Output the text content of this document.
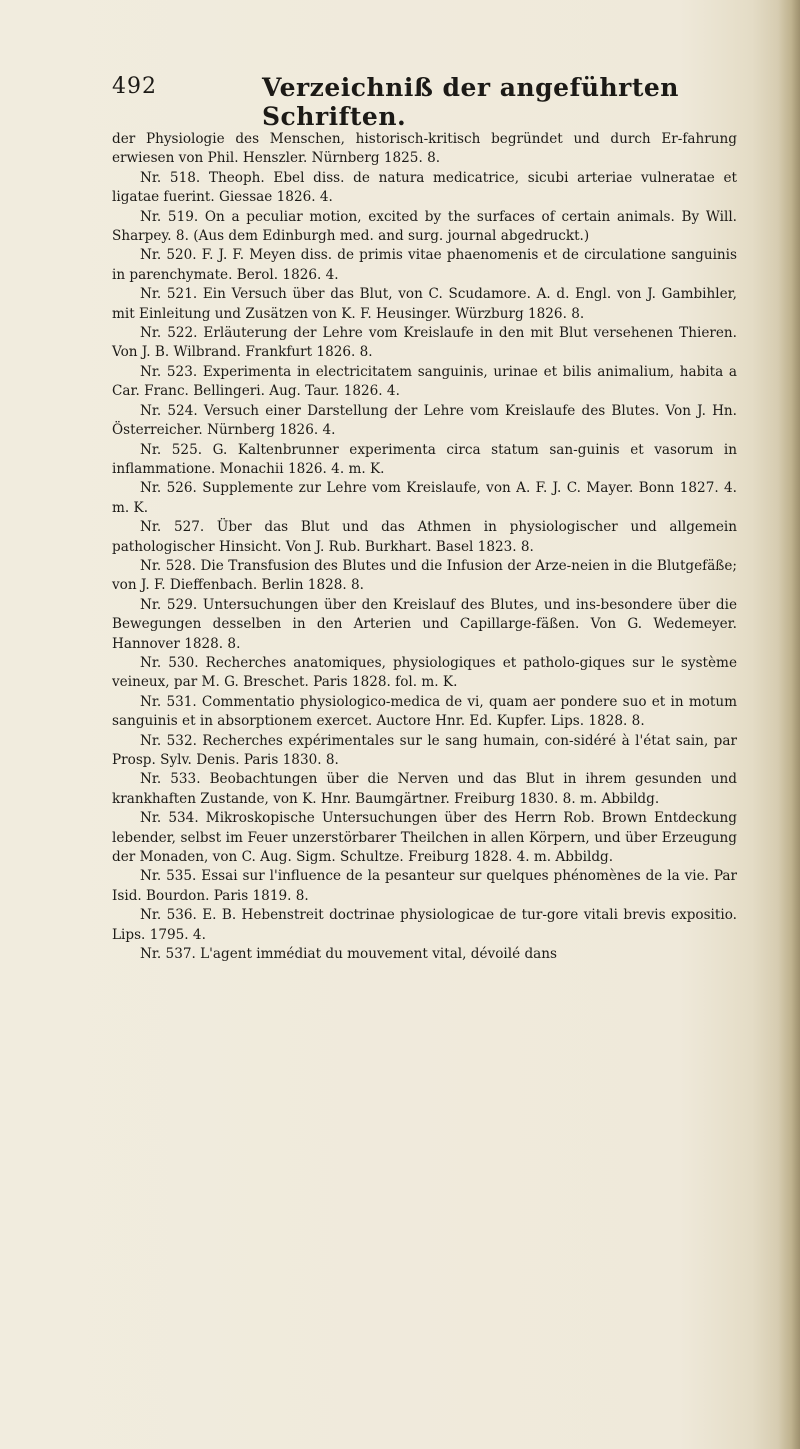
492	Verzeichniß der angeführten Schriften.

der Physiologie des Menschen, historisch-kritisch begründet und durch Er-fahrung erwiesen von Phil. Henszler. Nürnberg 1825. 8.

Nr. 518. Theoph. Ebel diss. de natura medicatrice, sicubi arteriae vulneratae et ligatae fuerint. Giessae 1826. 4.

Nr. 519. On a peculiar motion, excited by the surfaces of certain animals. By Will. Sharpey. 8. (Aus dem Edinburgh med. and surg. journal abgedruckt.)

Nr. 520. F. J. F. Meyen diss. de primis vitae phaenomenis et de circulatione sanguinis in parenchymate. Berol. 1826. 4.

Nr. 521. Ein Versuch über das Blut, von C. Scudamore. A. d. Engl. von J. Gambihler, mit Einleitung und Zusätzen von K. F. Heusinger. Würzburg 1826. 8.

Nr. 522. Erläuterung der Lehre vom Kreislaufe in den mit Blut versehenen Thieren. Von J. B. Wilbrand. Frankfurt 1826. 8.

Nr. 523. Experimenta in electricitatem sanguinis, urinae et bilis animalium, habita a Car. Franc. Bellingeri. Aug. Taur. 1826. 4.

Nr. 524. Versuch einer Darstellung der Lehre vom Kreislaufe des Blutes. Von J. Hn. Österreicher. Nürnberg 1826. 4.

Nr. 525. G. Kaltenbrunner experimenta circa statum san-guinis et vasorum in inflammatione. Monachii 1826. 4. m. K.

Nr. 526. Supplemente zur Lehre vom Kreislaufe, von A. F. J. C. Mayer. Bonn 1827. 4. m. K.

Nr. 527. Über das Blut und das Athmen in physiologischer und allgemein pathologischer Hinsicht. Von J. Rub. Burkhart. Basel 1823. 8.

Nr. 528. Die Transfusion des Blutes und die Infusion der Arze-neien in die Blutgefäße; von J. F. Dieffenbach. Berlin 1828. 8.

Nr. 529. Untersuchungen über den Kreislauf des Blutes, und ins-besondere über die Bewegungen desselben in den Arterien und Capillarge-fäßen. Von G. Wedemeyer. Hannover 1828. 8.

Nr. 530. Recherches anatomiques, physiologiques et patholo-giques sur le système veineux, par M. G. Breschet. Paris 1828. fol. m. K.

Nr. 531. Commentatio physiologico-medica de vi, quam aer pondere suo et in motum sanguinis et in absorptionem exercet. Auctore Hnr. Ed. Kupfer. Lips. 1828. 8.

Nr. 532. Recherches expérimentales sur le sang humain, con-sidéré à l'état sain, par Prosp. Sylv. Denis. Paris 1830. 8.

Nr. 533. Beobachtungen über die Nerven und das Blut in ihrem gesunden und krankhaften Zustande, von K. Hnr. Baumgärtner. Freiburg 1830. 8. m. Abbildg.

Nr. 534. Mikroskopische Untersuchungen über des Herrn Rob. Brown Entdeckung lebender, selbst im Feuer unzerstörbarer Theilchen in allen Körpern, und über Erzeugung der Monaden, von C. Aug. Sigm. Schultze. Freiburg 1828. 4. m. Abbildg.

Nr. 535. Essai sur l'influence de la pesanteur sur quelques phénomènes de la vie. Par Isid. Bourdon. Paris 1819. 8.

Nr. 536. E. B. Hebenstreit doctrinae physiologicae de tur-gore vitali brevis expositio. Lips. 1795. 4.

Nr. 537. L'agent immédiat du mouvement vital, dévoilé dans
